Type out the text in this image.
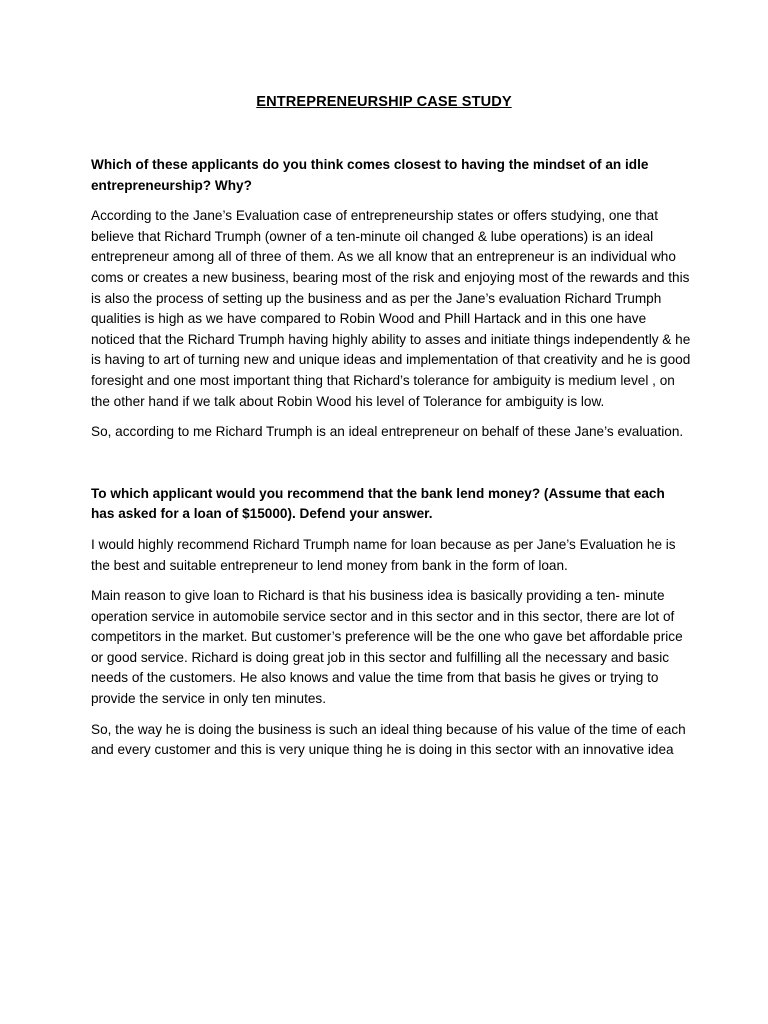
ENTREPRENEURSHIP CASE STUDY
Which of these applicants do you think comes closest to having the mindset of an idle entrepreneurship? Why?
According to the Jane’s Evaluation case of entrepreneurship states or offers studying, one that believe that Richard Trumph (owner of a ten-minute oil changed & lube operations) is an ideal entrepreneur among all of three of them. As we all know that an entrepreneur is an individual who coms or creates a new business, bearing most of the risk and enjoying most of the rewards and this is also the process of setting up the business and as per the Jane’s evaluation Richard Trumph qualities is high as we have compared to Robin Wood and Phill Hartack and in this one have noticed that the Richard Trumph having highly ability to asses and initiate things independently & he is having to art of turning new and unique ideas and implementation of that creativity and he is good foresight and one most important thing that Richard’s tolerance for ambiguity is medium level , on the other hand if we talk about Robin Wood his level of Tolerance for ambiguity is low.
So, according to me Richard Trumph is an ideal entrepreneur on behalf of these Jane’s evaluation.
To which applicant would you recommend that the bank lend money? (Assume that each has asked for a loan of $15000). Defend your answer.
I would highly recommend Richard Trumph name for loan because as per Jane’s Evaluation he is the best and suitable entrepreneur to lend money from bank in the form of loan.
Main reason to give loan to Richard is that his business idea is basically providing a ten- minute operation service in automobile service sector and in this sector and in this sector, there are lot of competitors in the market. But customer’s preference will be the one who gave bet affordable price or good service. Richard is doing great job in this sector and fulfilling all the necessary and basic needs of the customers. He also knows and value the time from that basis he gives or trying to provide the service in only ten minutes.
So, the way he is doing the business is such an ideal thing because of his value of the time of each and every customer and this is very unique thing he is doing in this sector with an innovative idea
